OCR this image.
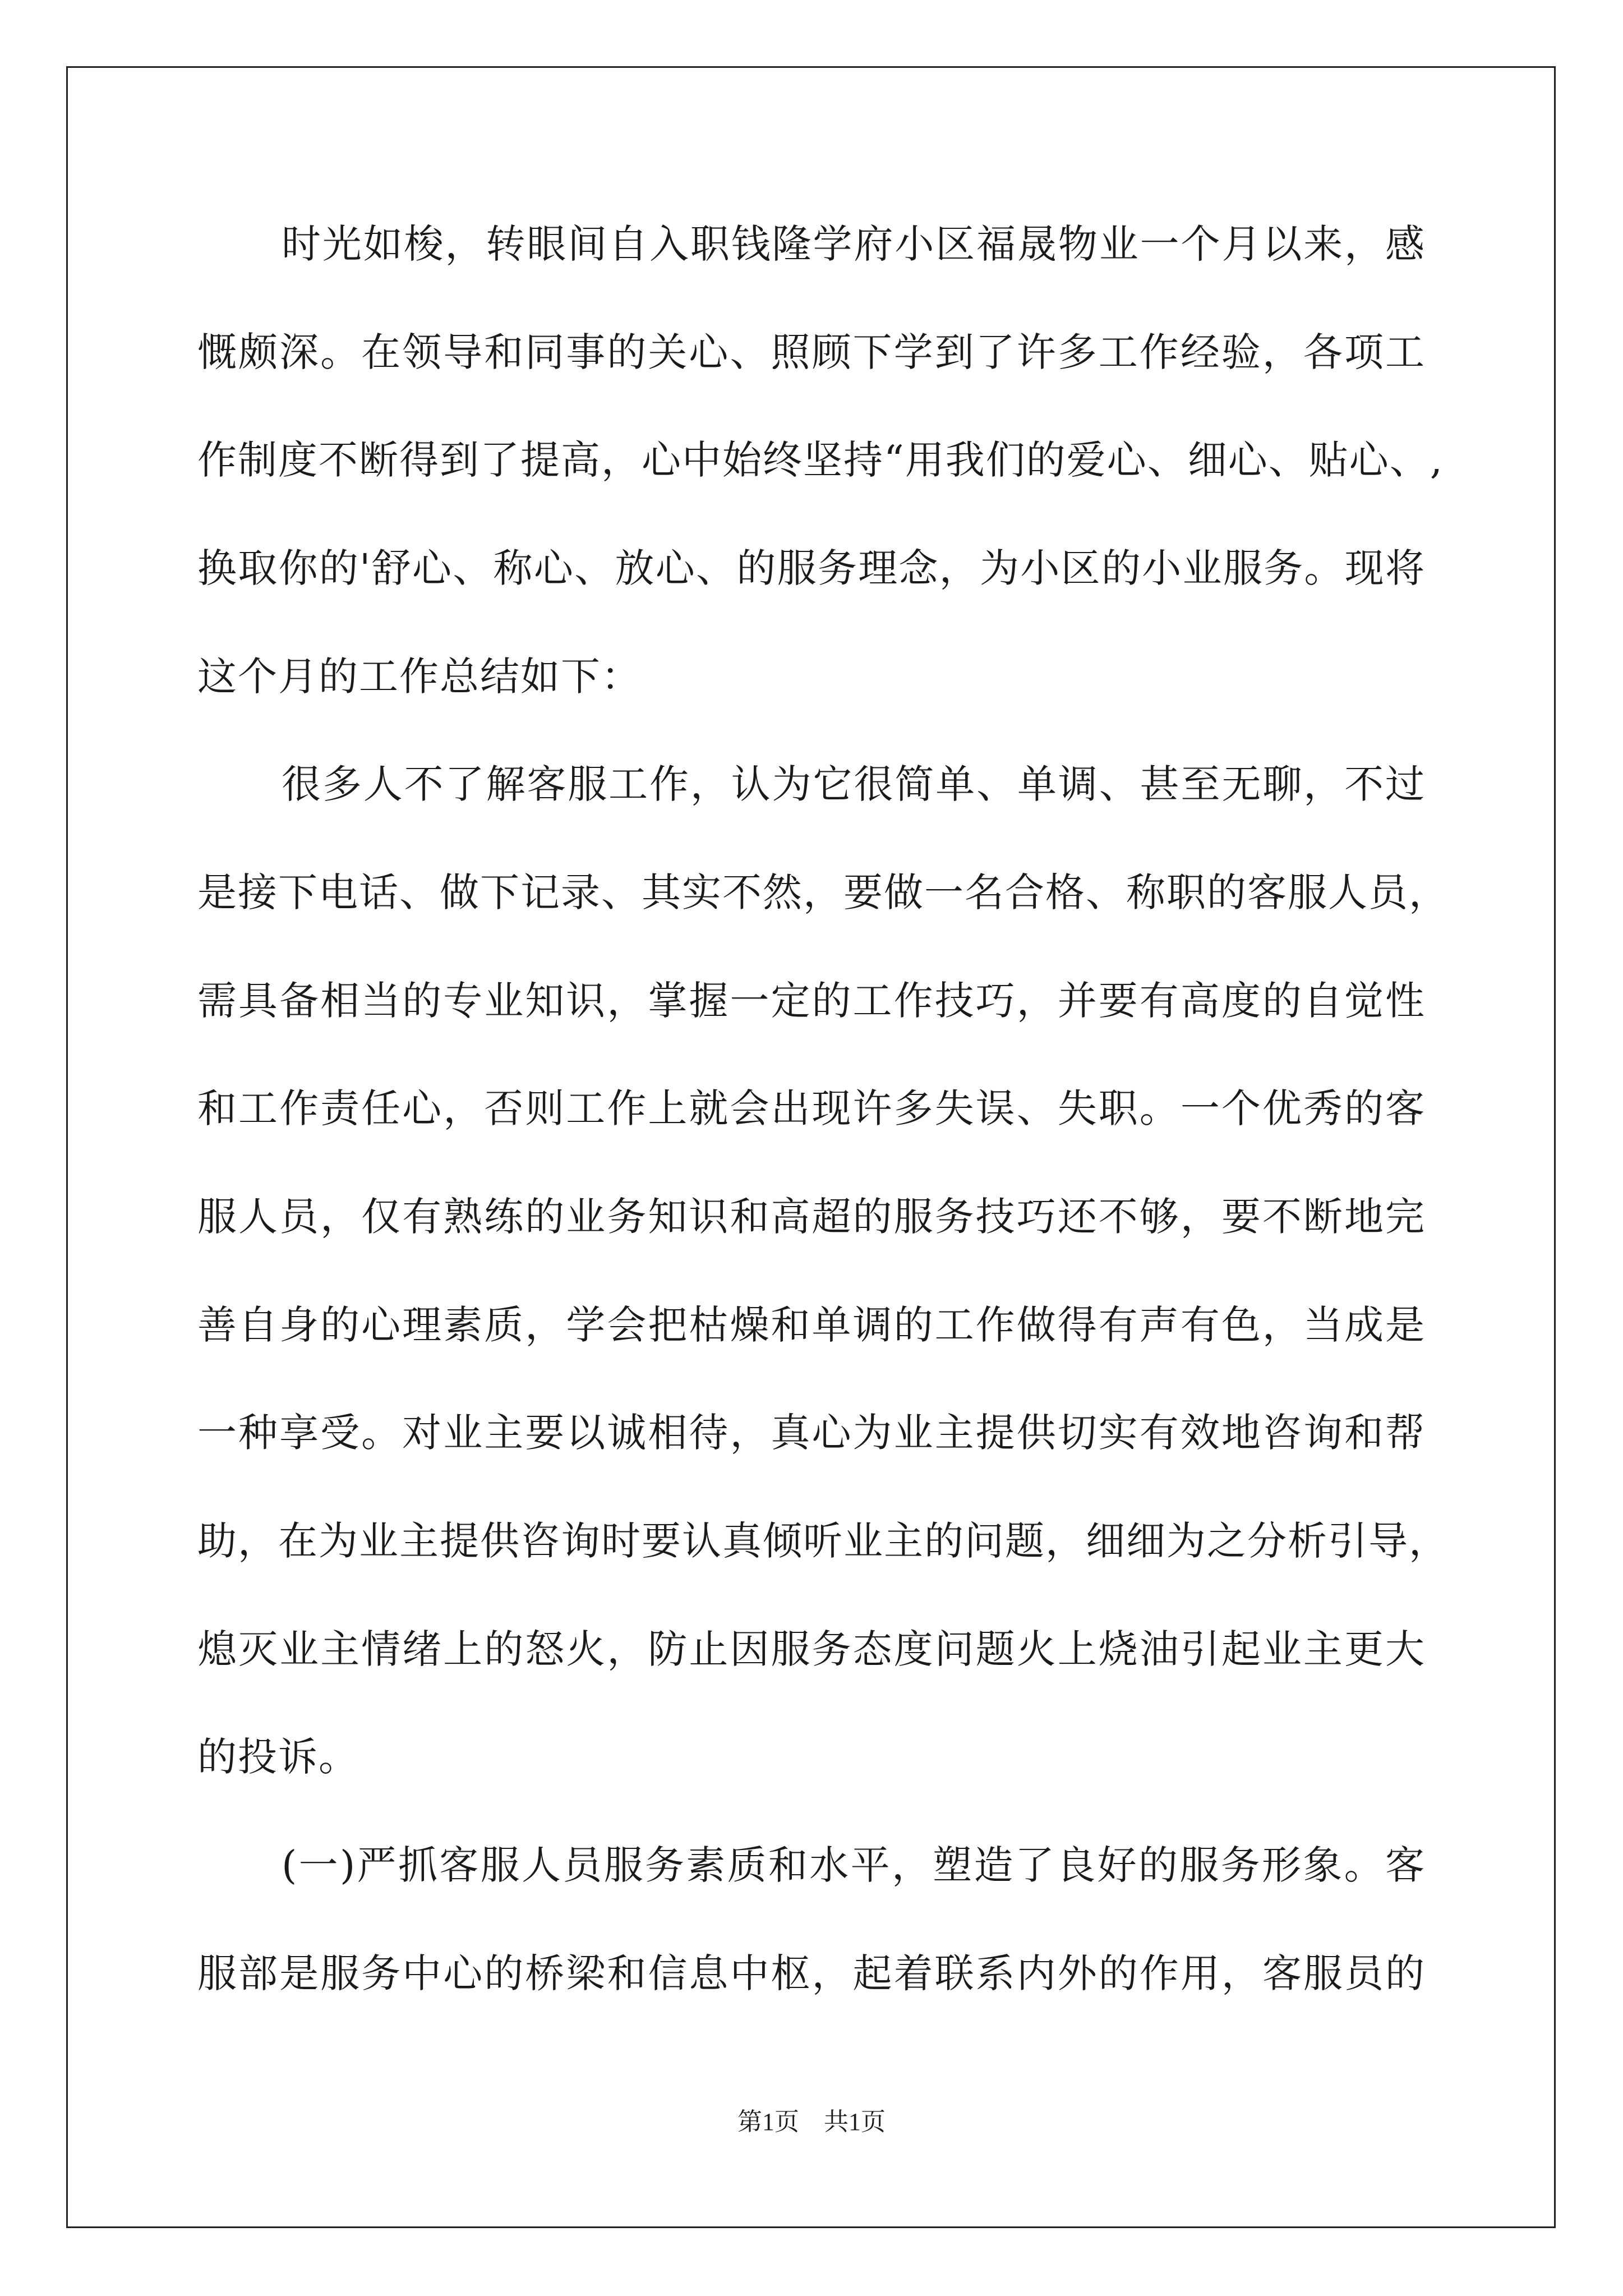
时光如梭，转眼间自入职钱隆学府小区福晟物业一个月以来，感
慨颇深。在领导和同事的关心、照顾下学到了许多工作经验，各项工
作制度不断得到了提高，心中始终坚持“用我们的爱心、细心、贴心、,
换取你的'舒心、称心、放心、的服务理念，为小区的小业服务。现将
这个月的工作总结如下：
很多人不了解客服工作，认为它很简单、单调、甚至无聊，不过
是接下电话、做下记录、其实不然，要做一名合格、称职的客服人员，
需具备相当的专业知识，掌握一定的工作技巧，并要有高度的自觉性
和工作责任心，否则工作上就会出现许多失误、失职。一个优秀的客
服人员，仅有熟练的业务知识和高超的服务技巧还不够，要不断地完
善自身的心理素质，学会把枯燥和单调的工作做得有声有色，当成是
一种享受。对业主要以诚相待，真心为业主提供切实有效地咨询和帮
助，在为业主提供咨询时要认真倾听业主的问题，细细为之分析引导，
熄灭业主情绪上的怒火，防止因服务态度问题火上烧油引起业主更大
的投诉。
(一)严抓客服人员服务素质和水平，塑造了良好的服务形象。客
服部是服务中心的桥梁和信息中枢，起着联系内外的作用，客服员的
第1页　共1页
